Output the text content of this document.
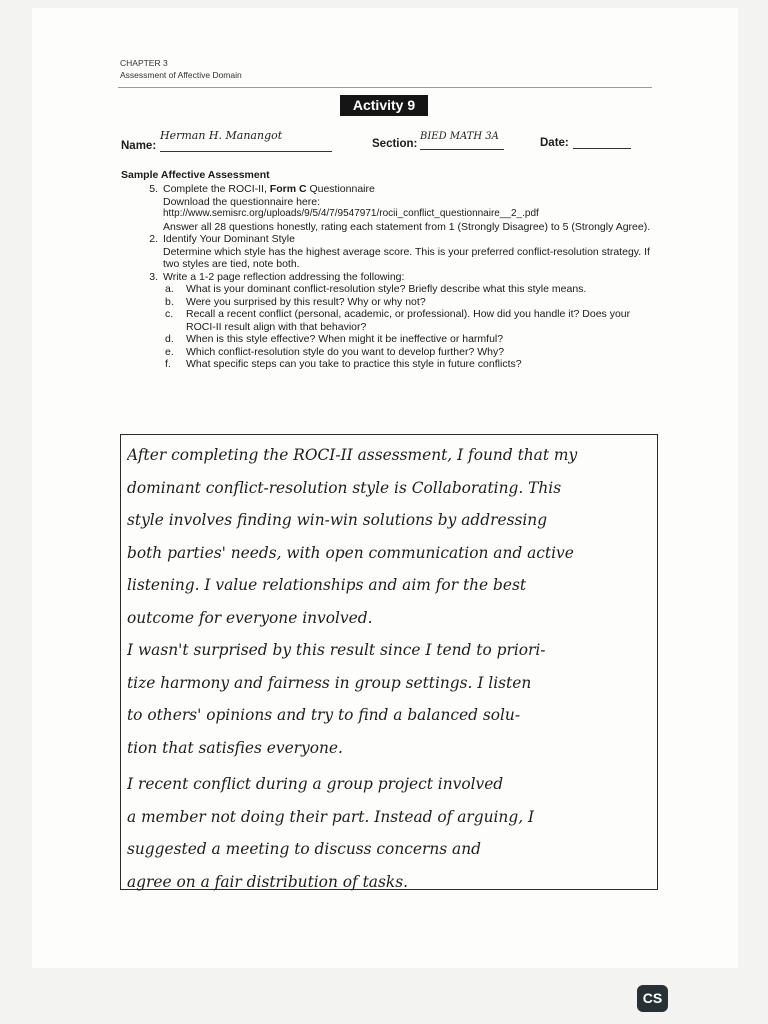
CHAPTER 3
Assessment of Affective Domain
Activity 9
Name:
Herman H. Manangot
Section:
BIED MATH 3A
Date:
Sample Affective Assessment
5. Complete the ROCI-II, Form C Questionnaire
Download the questionnaire here:
http://www.semisrc.org/uploads/9/5/4/7/9547971/rocii_conflict_questionnaire__2_.pdf
Answer all 28 questions honestly, rating each statement from 1 (Strongly Disagree) to 5 (Strongly Agree).
2. Identify Your Dominant Style
Determine which style has the highest average score. This is your preferred conflict-resolution strategy. If two styles are tied, note both.
3. Write a 1-2 page reflection addressing the following:
a. What is your dominant conflict-resolution style? Briefly describe what this style means.
b. Were you surprised by this result? Why or why not?
c. Recall a recent conflict (personal, academic, or professional). How did you handle it? Does your ROCI-II result align with that behavior?
d. When is this style effective? When might it be ineffective or harmful?
e. Which conflict-resolution style do you want to develop further? Why?
f. What specific steps can you take to practice this style in future conflicts?
After completing the ROCI-II assessment, I found that my
dominant conflict-resolution style is Collaborating. This
style involves finding win-win solutions by addressing
both parties' needs, with open communication and active
listening. I value relationships and aim for the best
outcome for everyone involved.
I wasn't surprised by this result since I tend to priori-
tize harmony and fairness in group settings. I listen
to others' opinions and try to find a balanced solu-
tion that satisfies everyone.
I recent conflict during a group project involved
a member not doing their part. Instead of arguing, I
suggested a meeting to discuss concerns and
agree on a fair distribution of tasks.
CS
